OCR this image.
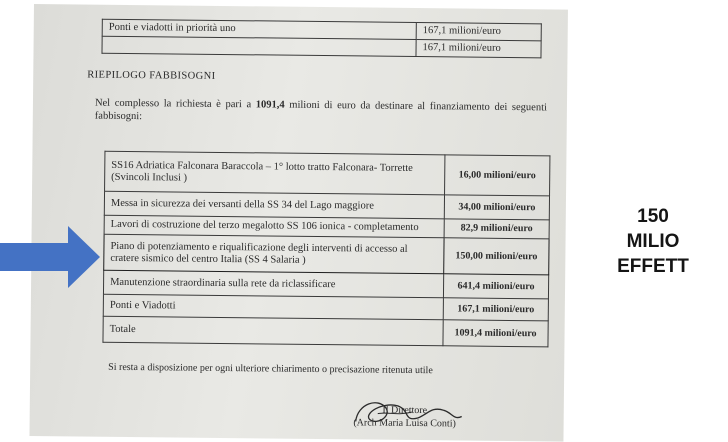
Ponti e viadotti in priorità uno	167,1 milioni/euro
	167,1 milioni/euro
RIEPILOGO FABBISOGNI
Nel complesso la richiesta è pari a 1091,4 milioni di euro da destinare al finanziamento dei seguenti fabbisogni:
SS16 Adriatica Falconara Baraccola – 1° lotto tratto Falconara- Torrette (Svincoli Inclusi )	16,00 milioni/euro
Messa in sicurezza dei versanti della SS 34 del Lago maggiore	34,00 milioni/euro
Lavori di costruzione del terzo megalotto SS 106 ionica - completamento	82,9 milioni/euro
Piano di potenziamento e riqualificazione degli interventi di accesso al cratere sismico del centro Italia (SS 4 Salaria )	150,00 milioni/euro
Manutenzione straordinaria sulla rete da riclassificare	641,4 milioni/euro
Ponti e Viadotti	167,1 milioni/euro
Totale	1091,4 milioni/euro
Si resta a disposizione per ogni ulteriore chiarimento o precisazione ritenuta utile
Il Direttore
(Arch Maria Luisa Conti)
150
MILIO
EFFETT
